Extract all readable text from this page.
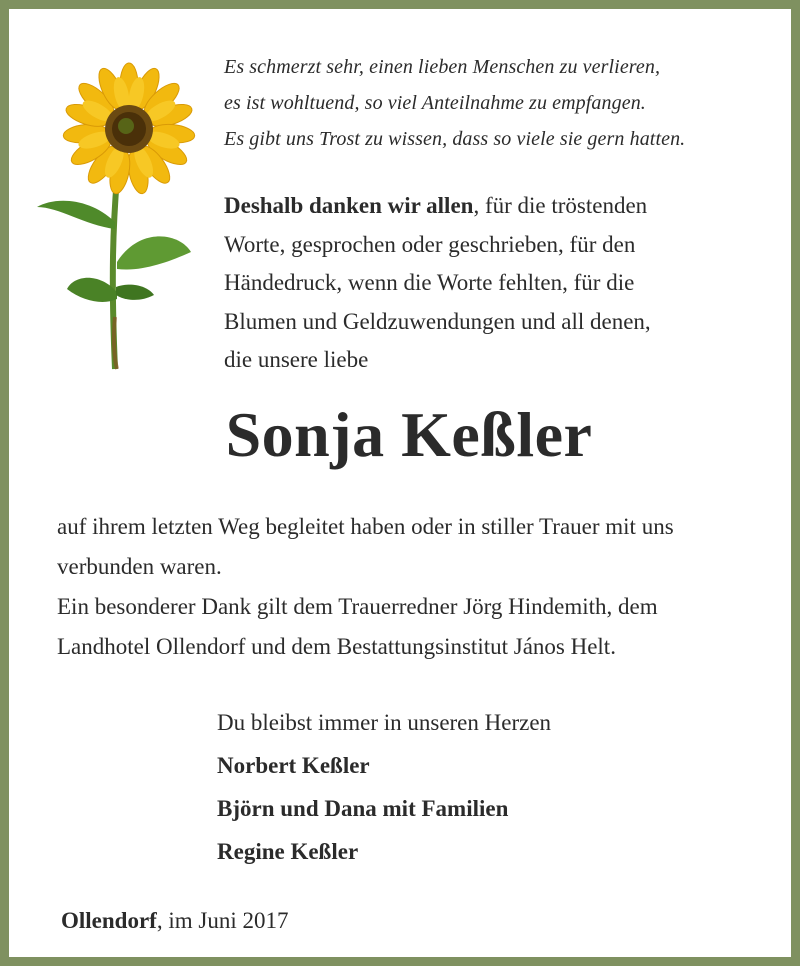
Es schmerzt sehr, einen lieben Menschen zu verlieren,
es ist wohltuend, so viel Anteilnahme zu empfangen.
Es gibt uns Trost zu wissen, dass so viele sie gern hatten.
Deshalb danken wir allen, für die tröstenden
Worte, gesprochen oder geschrieben, für den
Händedruck, wenn die Worte fehlten, für die
Blumen und Geldzuwendungen und all denen,
die unsere liebe
Sonja Keßler
auf ihrem letzten Weg begleitet haben oder in stiller Trauer mit uns
verbunden waren.
Ein besonderer Dank gilt dem Trauerredner Jörg Hindemith, dem
Landhotel Ollendorf und dem Bestattungsinstitut János Helt.
Du bleibst immer in unseren Herzen
Norbert Keßler
Björn und Dana mit Familien
Regine Keßler
Ollendorf, im Juni 2017
